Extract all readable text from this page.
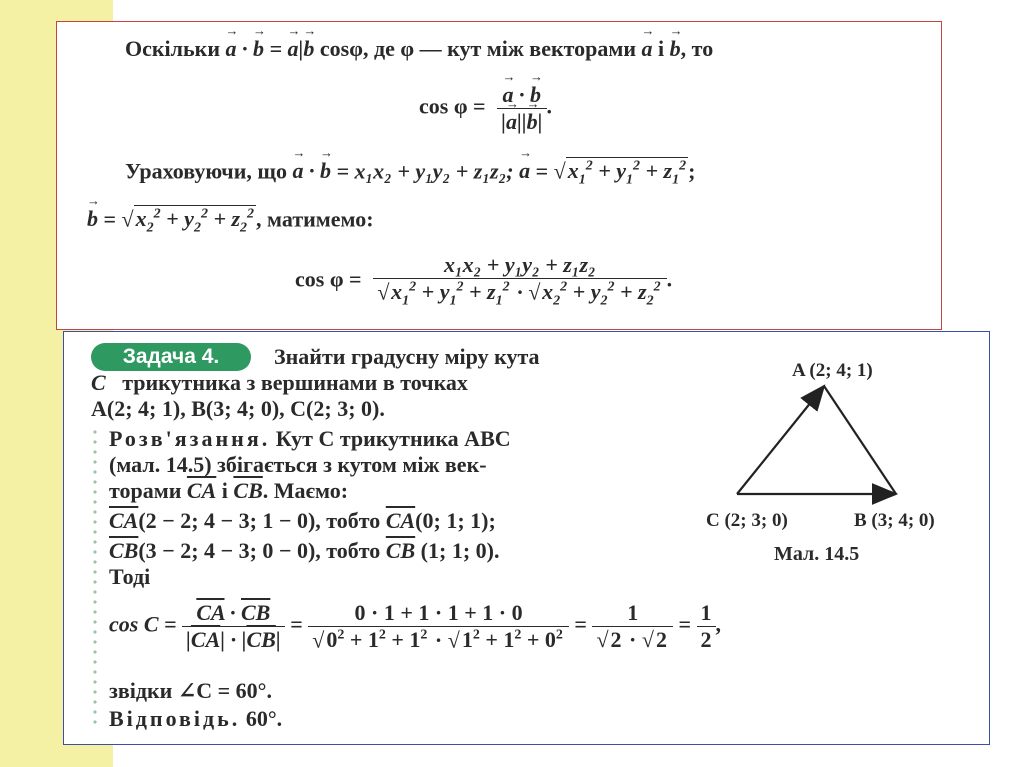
Оскільки → a · → b = → a|→ b cosφ, де φ — кут між векторами → a і → b, то
cos φ = → $\frac{a \cdot \to b}{|\to a||\to b|}$ .
Ураховуючи, що → a · → b = x₁x₂ + y₁y₂ + z₁z₂; → $a = √x_1^2 + y_1^2 + z_1^2$;
→ $b = √x_2^2 + y_2^2 + z_2^2$, матимемо:
$\cos \varphi = \frac{\text{x₁x₂ + y₁y₂ + z₁z₂}}{√x_1^2 + y_1^2 + z_1^2 \cdot √x_2^2 + y_2^2 + z_2^2}$ .
Задача 4.	Знайти градусну міру кута
C трикутника з вершинами в точках
A(2; 4; 1), B(3; 4; 0), C(2; 3; 0).
Розв'язання. Кут C трикутника ABC
(мал. 14.5) збігається з кутом між век-
торами $\overline{CA}$ і $\overline{CB}$. Маємо:
$\overline{CA}(2 - 2$; 4 − 3; 1 − 0), тобто $\overline{CA}(0$; 1; 1);
$\overline{CB}(3 - 2$; 4 − 3; 0 − 0), тобто $\overline{CB}$ (1; 1; 0).
Тоді
$\cos C = \frac{\overline{CA} \cdot \overline{CB}}{|\overline{CA}| \cdot |\overline{CB}|} = \frac{0 \cdot 1 + 1 \cdot 1 + 1 \cdot 0}{√0^2 + 1^2 + 1^2 \cdot √1^2 + 1^2 + 0^2} = \frac{1}{√2 \cdot √2} = \frac{1}{2}$ ,
звідки ∠C = 60°.
Відповідь. 60°.
A (2; 4; 1)
C (2; 3; 0)	B (3; 4; 0)
Мал. 14.5
